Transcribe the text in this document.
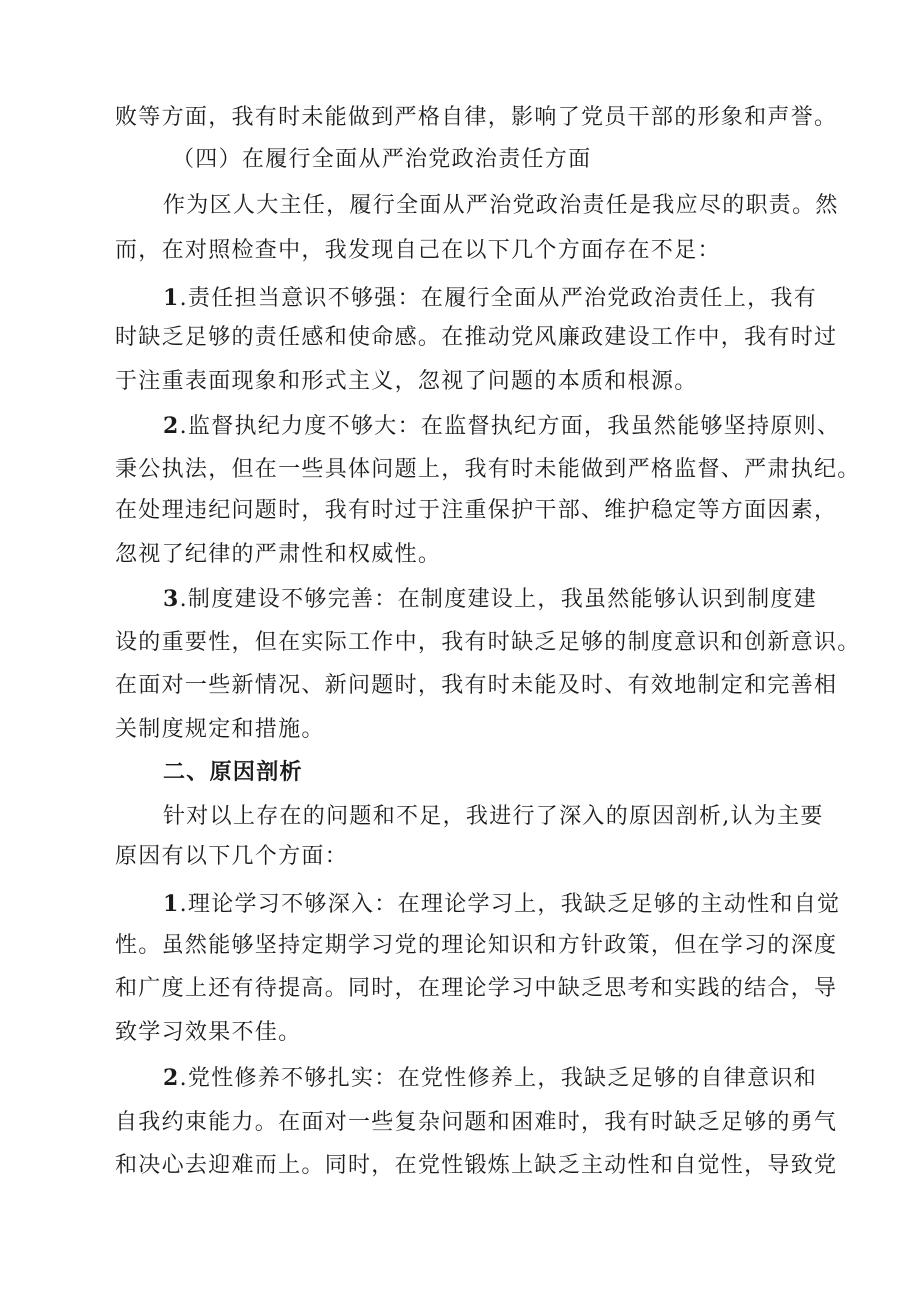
败等方面，我有时未能做到严格自律，影响了党员干部的形象和声誉。
（四）在履行全面从严治党政治责任方面
作为区人大主任，履行全面从严治党政治责任是我应尽的职责。然
而，在对照检查中，我发现自己在以下几个方面存在不足：
1.责任担当意识不够强：在履行全面从严治党政治责任上，我有
时缺乏足够的责任感和使命感。在推动党风廉政建设工作中，我有时过
于注重表面现象和形式主义，忽视了问题的本质和根源。
2.监督执纪力度不够大：在监督执纪方面，我虽然能够坚持原则、
秉公执法，但在一些具体问题上，我有时未能做到严格监督、严肃执纪。
在处理违纪问题时，我有时过于注重保护干部、维护稳定等方面因素，
忽视了纪律的严肃性和权威性。
3.制度建设不够完善：在制度建设上，我虽然能够认识到制度建
设的重要性，但在实际工作中，我有时缺乏足够的制度意识和创新意识。
在面对一些新情况、新问题时，我有时未能及时、有效地制定和完善相
关制度规定和措施。
二、原因剖析
针对以上存在的问题和不足，我进行了深入的原因剖析,认为主要
原因有以下几个方面：
1.理论学习不够深入：在理论学习上，我缺乏足够的主动性和自觉
性。虽然能够坚持定期学习党的理论知识和方针政策，但在学习的深度
和广度上还有待提高。同时，在理论学习中缺乏思考和实践的结合，导
致学习效果不佳。
2.党性修养不够扎实：在党性修养上，我缺乏足够的自律意识和
自我约束能力。在面对一些复杂问题和困难时，我有时缺乏足够的勇气
和决心去迎难而上。同时，在党性锻炼上缺乏主动性和自觉性，导致党
